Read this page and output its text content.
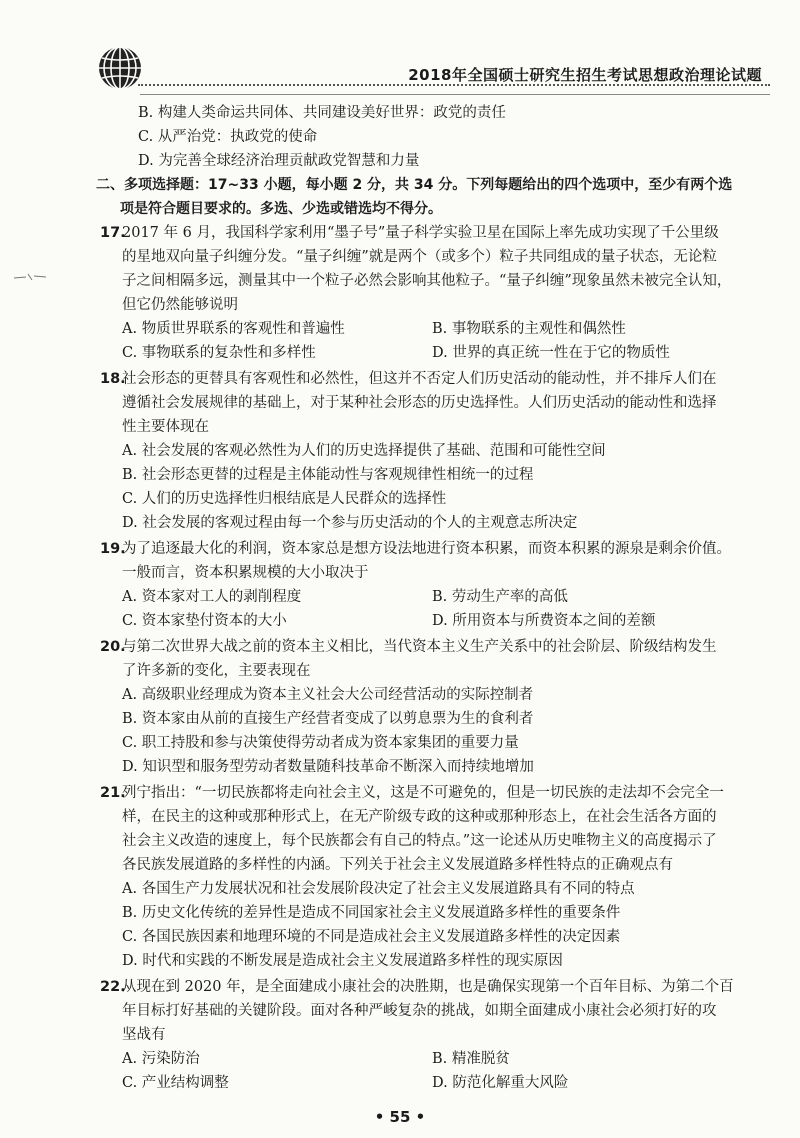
2018年全国硕士研究生招生考试思想政治理论试题
B. 构建人类命运共同体、共同建设美好世界：政党的责任
C. 从严治党：执政党的使命
D. 为完善全球经济治理贡献政党智慧和力量
二、多项选择题：17~33 小题，每小题 2 分，共 34 分。下列每题给出的四个选项中，至少有两个选
项是符合题目要求的。多选、少选或错选均不得分。
17.
2017 年 6 月，我国科学家利用“墨子号”量子科学实验卫星在国际上率先成功实现了千公里级
的星地双向量子纠缠分发。“量子纠缠”就是两个（或多个）粒子共同组成的量子状态，无论粒
子之间相隔多远，测量其中一个粒子必然会影响其他粒子。“量子纠缠”现象虽然未被完全认知，
但它仍然能够说明
A. 物质世界联系的客观性和普遍性	B. 事物联系的主观性和偶然性
C. 事物联系的复杂性和多样性	D. 世界的真正统一性在于它的物质性
18.
社会形态的更替具有客观性和必然性，但这并不否定人们历史活动的能动性，并不排斥人们在
遵循社会发展规律的基础上，对于某种社会形态的历史选择性。人们历史活动的能动性和选择
性主要体现在
A. 社会发展的客观必然性为人们的历史选择提供了基础、范围和可能性空间
B. 社会形态更替的过程是主体能动性与客观规律性相统一的过程
C. 人们的历史选择性归根结底是人民群众的选择性
D. 社会发展的客观过程由每一个参与历史活动的个人的主观意志所决定
19.
为了追逐最大化的利润，资本家总是想方设法地进行资本积累，而资本积累的源泉是剩余价值。
一般而言，资本积累规模的大小取决于
A. 资本家对工人的剥削程度	B. 劳动生产率的高低
C. 资本家垫付资本的大小	D. 所用资本与所费资本之间的差额
20.
与第二次世界大战之前的资本主义相比，当代资本主义生产关系中的社会阶层、阶级结构发生
了许多新的变化，主要表现在
A. 高级职业经理成为资本主义社会大公司经营活动的实际控制者
B. 资本家由从前的直接生产经营者变成了以剪息票为生的食利者
C. 职工持股和参与决策使得劳动者成为资本家集团的重要力量
D. 知识型和服务型劳动者数量随科技革命不断深入而持续地增加
21.
列宁指出：“一切民族都将走向社会主义，这是不可避免的，但是一切民族的走法却不会完全一
样，在民主的这种或那种形式上，在无产阶级专政的这种或那种形态上，在社会生活各方面的
社会主义改造的速度上，每个民族都会有自己的特点。”这一论述从历史唯物主义的高度揭示了
各民族发展道路的多样性的内涵。下列关于社会主义发展道路多样性特点的正确观点有
A. 各国生产力发展状况和社会发展阶段决定了社会主义发展道路具有不同的特点
B. 历史文化传统的差异性是造成不同国家社会主义发展道路多样性的重要条件
C. 各国民族因素和地理环境的不同是造成社会主义发展道路多样性的决定因素
D. 时代和实践的不断发展是造成社会主义发展道路多样性的现实原因
22.
从现在到 2020 年，是全面建成小康社会的决胜期，也是确保实现第一个百年目标、为第二个百
年目标打好基础的关键阶段。面对各种严峻复杂的挑战，如期全面建成小康社会必须打好的攻
坚战有
A. 污染防治	B. 精准脱贫
C. 产业结构调整	D. 防范化解重大风险
• 55 •
